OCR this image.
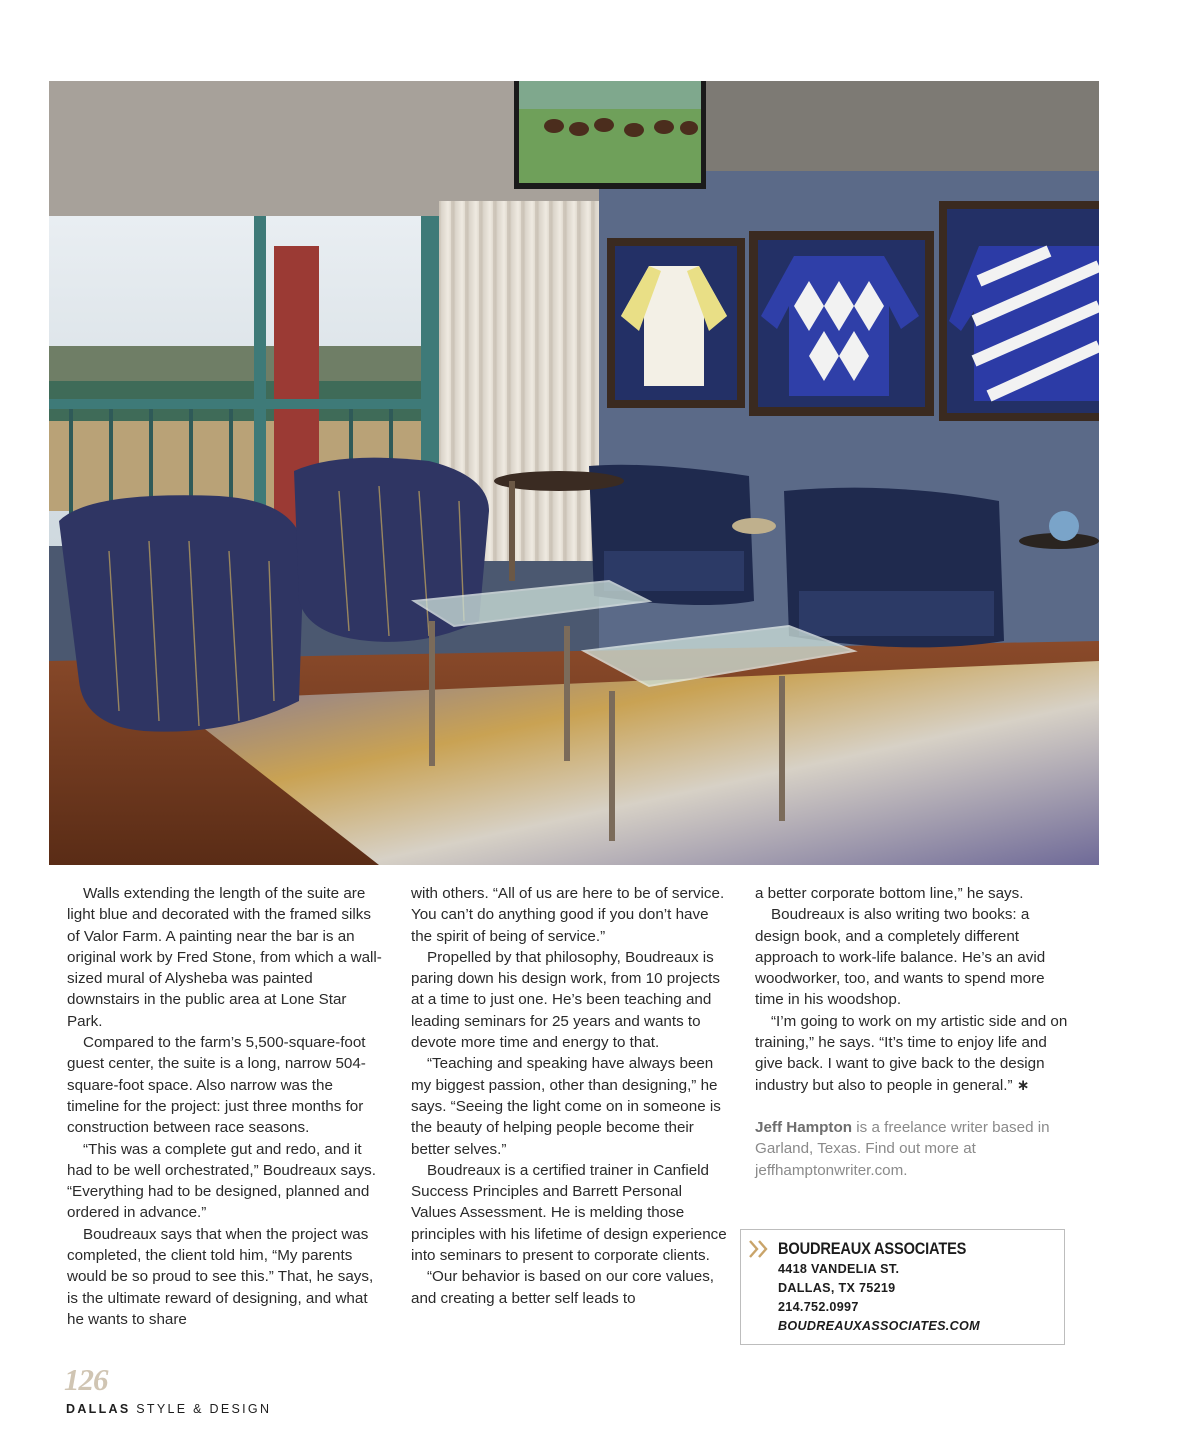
Walls extending the length of the suite are light blue and decorated with the framed silks of Valor Farm. A painting near the bar is an original work by Fred Stone, from which a wall-sized mural of Alysheba was painted downstairs in the public area at Lone Star Park.

Compared to the farm’s 5,500-square-foot guest center, the suite is a long, narrow 504-square-foot space. Also narrow was the timeline for the project: just three months for construction between race seasons.

“This was a complete gut and redo, and it had to be well orchestrated,” Boudreaux says. “Everything had to be designed, planned and ordered in advance.”

Boudreaux says that when the project was completed, the client told him, “My parents would be so proud to see this.” That, he says, is the ultimate reward of designing, and what he wants to share

with others. “All of us are here to be of service. You can’t do anything good if you don’t have the spirit of being of service.”

Propelled by that philosophy, Boudreaux is paring down his design work, from 10 projects at a time to just one. He’s been teaching and leading seminars for 25 years and wants to devote more time and energy to that.

“Teaching and speaking have always been my biggest passion, other than designing,” he says. “Seeing the light come on in someone is the beauty of helping people become their better selves.”

Boudreaux is a certified trainer in Canfield Success Principles and Barrett Personal Values Assessment. He is melding those principles with his lifetime of design experience into seminars to present to corporate clients.

“Our behavior is based on our core values, and creating a better self leads to

a better corporate bottom line,” he says.

Boudreaux is also writing two books: a design book, and a completely different approach to work-life balance. He’s an avid woodworker, too, and wants to spend more time in his woodshop.

“I’m going to work on my artistic side and on training,” he says. “It’s time to enjoy life and give back. I want to give back to the design industry but also to people in general.” ∗

Jeff Hampton is a freelance writer based in Garland, Texas. Find out more at jeffhamptonwriter.com.

BOUDREAUX ASSOCIATES
4418 VANDELIA ST.
DALLAS, TX 75219
214.752.0997
BOUDREAUXASSOCIATES.COM
126
DALLAS STYLE & DESIGN
